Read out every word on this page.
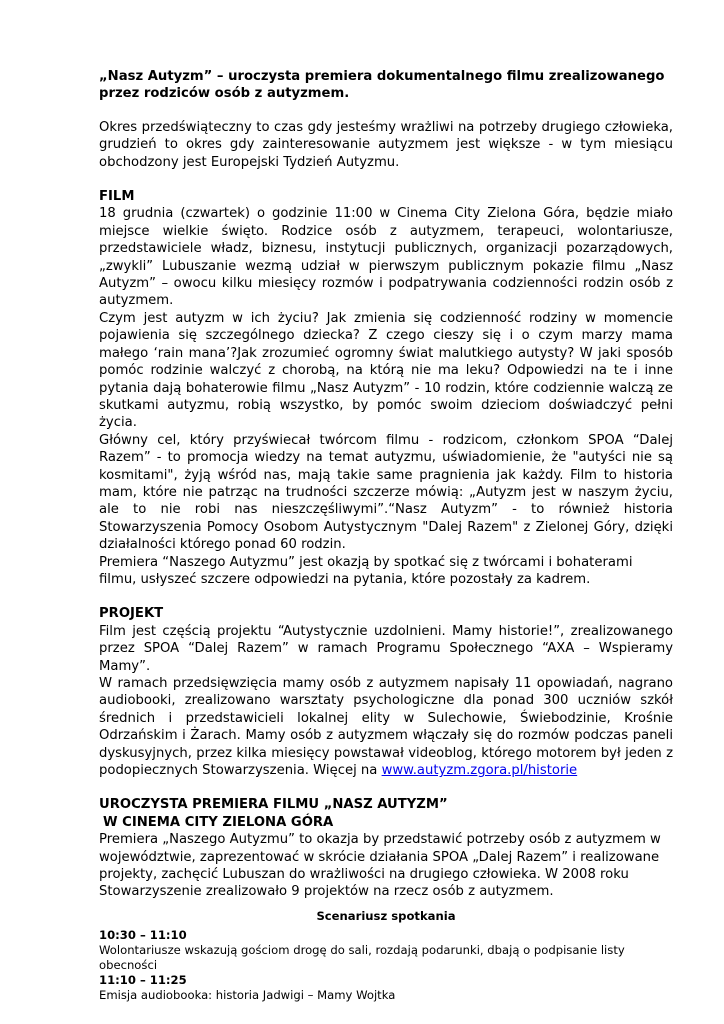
„Nasz Autyzm” – uroczysta premiera dokumentalnego filmu zrealizowanego przez rodziców osób z autyzmem.

Okres przedświąteczny to czas gdy jesteśmy wrażliwi na potrzeby drugiego człowieka, grudzień to okres gdy zainteresowanie autyzmem jest większe - w tym miesiącu obchodzony jest Europejski Tydzień Autyzmu.

FILM

18 grudnia (czwartek) o godzinie 11:00 w Cinema City Zielona Góra, będzie miało miejsce wielkie święto. Rodzice osób z autyzmem, terapeuci, wolontariusze, przedstawiciele władz, biznesu, instytucji publicznych, organizacji pozarządowych, „zwykli” Lubuszanie wezmą udział w pierwszym publicznym pokazie filmu „Nasz Autyzm” – owocu kilku miesięcy rozmów i podpatrywania codzienności rodzin osób z autyzmem.

Czym jest autyzm w ich życiu? Jak zmienia się codzienność rodziny w momencie pojawienia się szczególnego dziecka? Z czego cieszy się i o czym marzy mama małego ‘rain mana’?Jak zrozumieć ogromny świat malutkiego autysty? W jaki sposób pomóc rodzinie walczyć z chorobą, na którą nie ma leku? Odpowiedzi na te i inne pytania dają bohaterowie filmu „Nasz Autyzm” - 10 rodzin, które codziennie walczą ze skutkami autyzmu, robią wszystko, by pomóc swoim dzieciom doświadczyć pełni życia.

Główny cel, który przyświecał twórcom filmu - rodzicom, członkom SPOA “Dalej Razem” - to promocja wiedzy na temat autyzmu, uświadomienie, że "autyści nie są kosmitami", żyją wśród nas, mają takie same pragnienia jak każdy. Film to historia mam, które nie patrząc na trudności szczerze mówią: „Autyzm jest w naszym życiu, ale to nie robi nas nieszczęśliwymi”.“Nasz Autyzm” - to również historia Stowarzyszenia Pomocy Osobom Autystycznym "Dalej Razem" z Zielonej Góry, dzięki działalności którego ponad 60 rodzin.

Premiera “Naszego Autyzmu” jest okazją by spotkać się z twórcami i bohaterami filmu, usłyszeć szczere odpowiedzi na pytania, które pozostały za kadrem.

PROJEKT

Film jest częścią projektu “Autystycznie uzdolnieni. Mamy historie!”, zrealizowanego przez SPOA “Dalej Razem” w ramach Programu Społecznego “AXA – Wspieramy Mamy”.

W ramach przedsięwzięcia mamy osób z autyzmem napisały 11 opowiadań, nagrano audiobooki, zrealizowano warsztaty psychologiczne dla ponad 300 uczniów szkół średnich i przedstawicieli lokalnej elity w Sulechowie, Świebodzinie, Krośnie Odrzańskim i Żarach. Mamy osób z autyzmem włączały się do rozmów podczas paneli dyskusyjnych, przez kilka miesięcy powstawał videoblog, którego motorem był jeden z podopiecznych Stowarzyszenia. Więcej na www.autyzm.zgora.pl/historie

UROCZYSTA PREMIERA FILMU „NASZ AUTYZM”

W CINEMA CITY ZIELONA GÓRA

Premiera „Naszego Autyzmu” to okazja by przedstawić potrzeby osób z autyzmem w województwie, zaprezentować w skrócie działania SPOA „Dalej Razem” i realizowane projekty, zachęcić Lubuszan do wrażliwości na drugiego człowieka. W 2008 roku Stowarzyszenie zrealizowało 9 projektów na rzecz osób z autyzmem.

Scenariusz spotkania

10:30 – 11:10

Wolontariusze wskazują gościom drogę do sali, rozdają podarunki, dbają o podpisanie listy obecności

11:10 – 11:25

Emisja audiobooka: historia Jadwigi – Mamy Wojtka
